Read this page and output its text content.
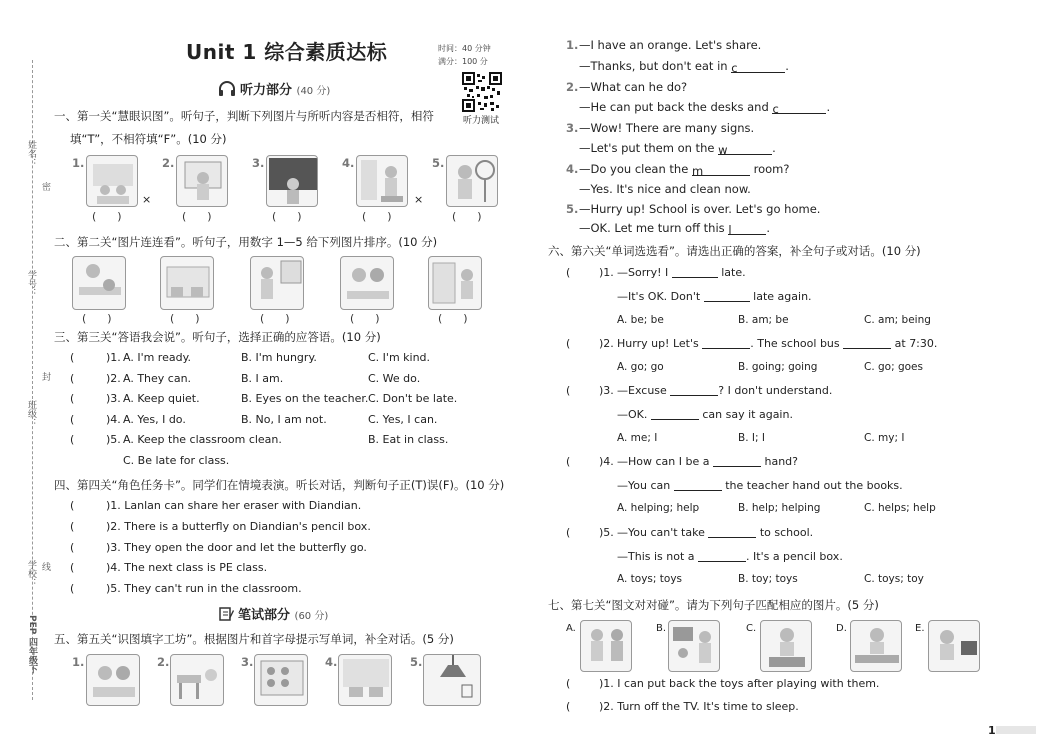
姓名：
学号：
班级：
学校：
密
封
线
PEP 四年级下
Unit 1 综合素质达标	时间：40 分钟
满分：100 分
听力测试
听力部分 (40 分)
一、第一关“慧眼识图”。听句子，判断下列图片与所听内容是否相符，相符
填“T”，不相符填“F”。(10 分)
1.
×
(      )
2.
(      )
3.
(      )
4.
×
(      )
5.
(      )
二、第二关“图片连连看”。听句子，用数字 1—5 给下列图片排序。(10 分)
(      )	(      )	(      )	(      )	(      )
三、第三关“答语我会说”。听句子，选择正确的应答语。(10 分)
(	)1. A. I'm ready.	B. I'm hungry.	C. I'm kind.
(	)2. A. They can.	B. I am.	C. We do.
(	)3. A. Keep quiet.	B. Eyes on the teacher. C. Don't be late.
(	)4. A. Yes, I do.	B. No, I am not.	C. Yes, I can.
(	)5. A. Keep the classroom clean.	B. Eat in class.
C. Be late for class.
四、第四关“角色任务卡”。同学们在情境表演。听长对话，判断句子正(T)误(F)。(10 分)
(	)1. Lanlan can share her eraser with Diandian.
(	)2. There is a butterfly on Diandian's pencil box.
(	)3. They open the door and let the butterfly go.
(	)4. The next class is PE class.
(	)5. They can't run in the classroom.
笔试部分 (60 分)
五、第五关“识图填字工坊”。根据图片和首字母提示写单词，补全对话。(5 分)
1.	2.	3.	4.	5.
1. —I have an orange. Let's share.
—Thanks, but don't eat in c	.
2. —What can he do?
—He can put back the desks and c	.
3. —Wow! There are many signs.
—Let's put them on the w	.
4. —Do you clean the m	room?
—Yes. It's nice and clean now.
5. —Hurry up! School is over. Let's go home.
—OK. Let me turn off this l	.
六、第六关“单词选选看”。请选出正确的答案，补全句子或对话。(10 分)
(	)1. —Sorry! I	late.
—It's OK. Don't	late again.
A. be; be	B. am; be	C. am; being
(	)2. Hurry up! Let's	. The school bus	at 7:30.
A. go; go	B. going; going	C. go; goes
(	)3. —Excuse	? I don't understand.
—OK.	can say it again.
A. me; I	B. I; I	C. my; I
(	)4. —How can I be a	hand?
—You can	the teacher hand out the books.
A. helping; help	B. help; helping	C. helps; help
(	)5. —You can't take	to school.
—This is not a	. It's a pencil box.
A. toys; toys	B. toy; toys	C. toys; toy
七、第七关“图文对对碰”。请为下列句子匹配相应的图片。(5 分)
A.	B.	C.	D.	E.
(	)1. I can put back the toys after playing with them.
(	)2. Turn off the TV. It's time to sleep.
1
